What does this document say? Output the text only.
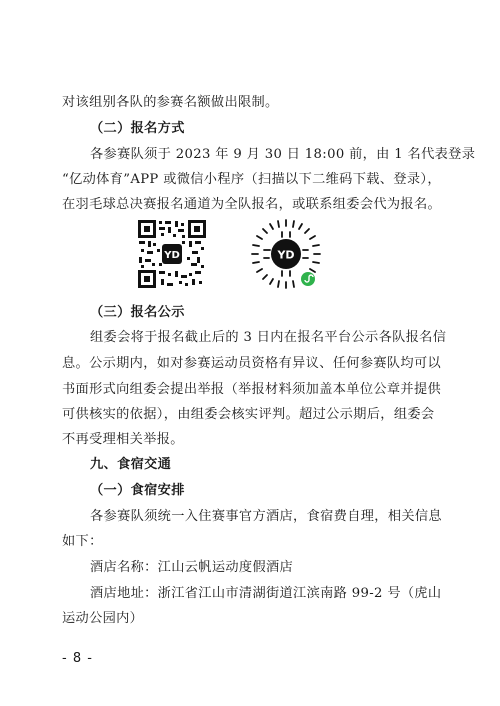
对该组别各队的参赛名额做出限制。
（二）报名方式
各参赛队须于 2023 年 9 月 30 日 18:00 前，由 1 名代表登录
“亿动体育”APP 或微信小程序（扫描以下二维码下载、登录），
在羽毛球总决赛报名通道为全队报名，或联系组委会代为报名。
YD	YD
（三）报名公示
组委会将于报名截止后的 3 日内在报名平台公示各队报名信
息。公示期内，如对参赛运动员资格有异议、任何参赛队均可以
书面形式向组委会提出举报（举报材料须加盖本单位公章并提供
可供核实的依据），由组委会核实评判。超过公示期后，组委会
不再受理相关举报。
九、食宿交通
（一）食宿安排
各参赛队须统一入住赛事官方酒店，食宿费自理，相关信息
如下：
酒店名称：江山云帆运动度假酒店
酒店地址：浙江省江山市清湖街道江滨南路 99-2 号（虎山
运动公园内）
- 8 -
